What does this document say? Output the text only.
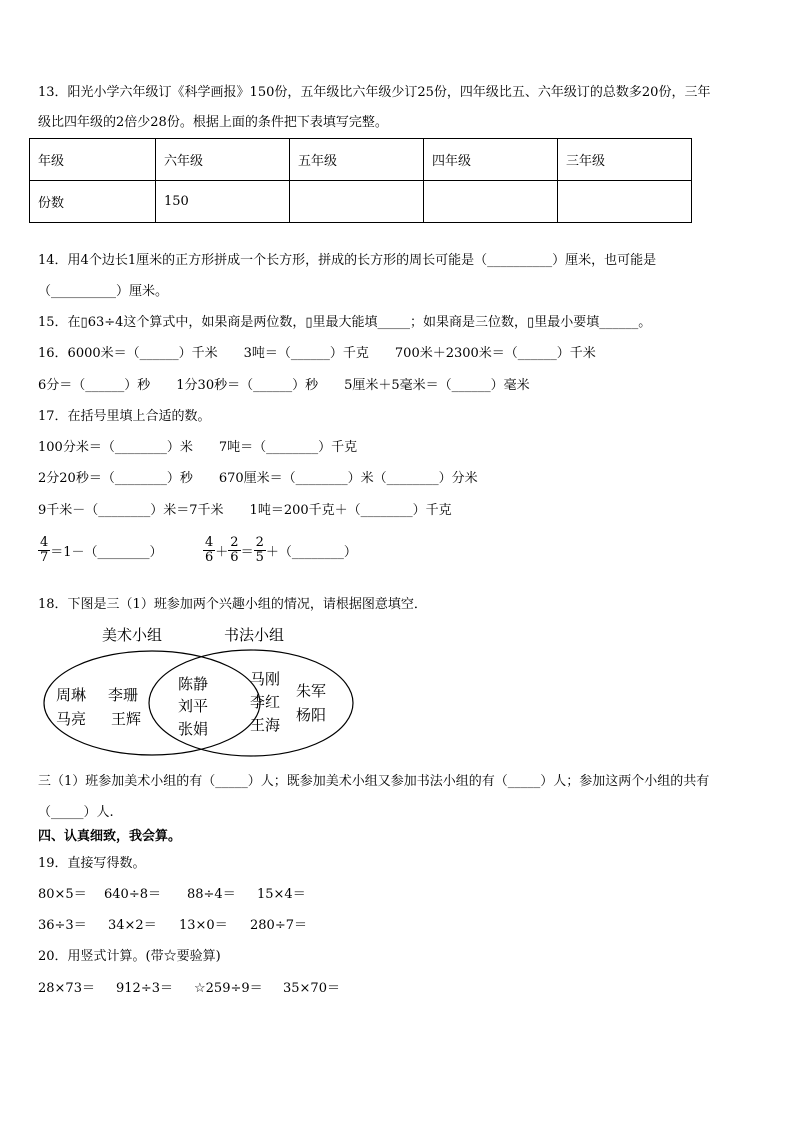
13．阳光小学六年级订《科学画报》150份，五年级比六年级少订25份，四年级比五、六年级订的总数多20份，三年
级比四年级的2倍少28份。根据上面的条件把下表填写完整。
年级	六年级	五年级	四年级	三年级
份数	150			
14．用4个边长1厘米的正方形拼成一个长方形，拼成的长方形的周长可能是（__________）厘米，也可能是
（__________）厘米。
15．在▯63÷4这个算式中，如果商是两位数，▯里最大能填_____；如果商是三位数，▯里最小要填______。
16．6000米＝（______）千米　　3吨＝（______）千克　　700米＋2300米＝（______）千米
6分＝（______）秒　　1分30秒＝（______）秒　　5厘米＋5毫米＝（______）毫米
17．在括号里填上合适的数。
100分米＝（________）米　　7吨＝（________）千克
2分20秒＝（________）秒　　670厘米＝（________）米（________）分米
9千米－（________）米＝7千米　　1吨＝200千克＋（________）千克
$\frac{4}{7}$ ＝1－（________）	$\frac{4}{6} + \frac{2}{6} = \frac{2}{5}$ ＋（________）
18．下图是三（1）班参加两个兴趣小组的情况，请根据图意填空．
美术小组	书法小组
周琳 李珊
马亮 王辉
陈静
刘平
张娟
马刚
李红
王海
朱军
杨阳
三（1）班参加美术小组的有（_____）人；既参加美术小组又参加书法小组的有（_____）人；参加这两个小组的共有
（_____）人.
四、认真细致，我会算。
19．直接写得数。
80×5＝ 640÷8＝ 88÷4＝ 15×4＝
36÷3＝ 34×2＝ 13×0＝ 280÷7＝
20．用竖式计算。(带☆要验算)
28×73＝ 912÷3＝ ☆259÷9＝ 35×70＝
